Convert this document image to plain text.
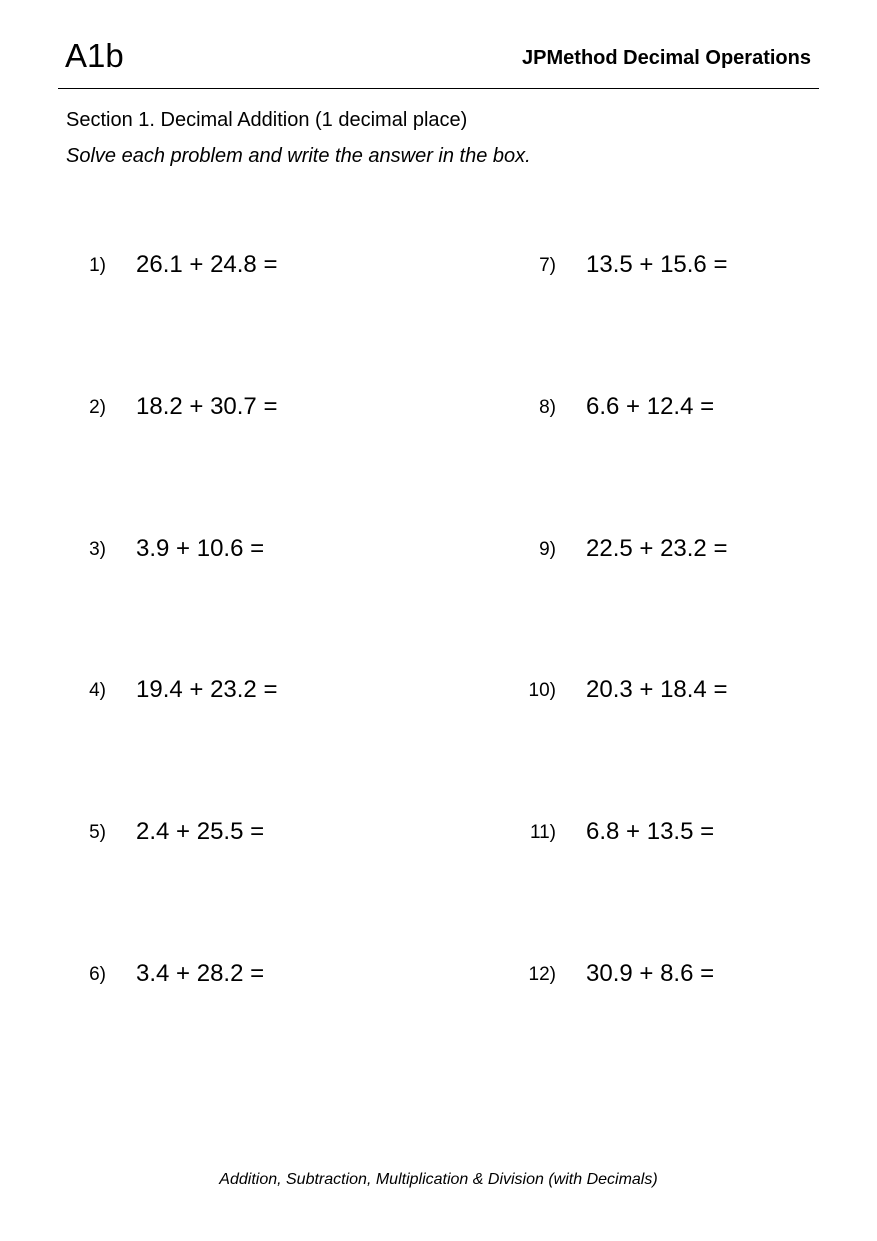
A1b	JPMethod Decimal Operations
Section 1. Decimal Addition (1 decimal place)
Solve each problem and write the answer in the box.
1) 26.1 + 24.8 =
2) 18.2 + 30.7 =
3) 3.9 + 10.6 =
4) 19.4 + 23.2 =
5) 2.4 + 25.5 =
6) 3.4 + 28.2 =
7) 13.5 + 15.6 =
8) 6.6 + 12.4 =
9) 22.5 + 23.2 =
10) 20.3 + 18.4 =
11) 6.8 + 13.5 =
12) 30.9 + 8.6 =
Addition, Subtraction, Multiplication & Division (with Decimals)
